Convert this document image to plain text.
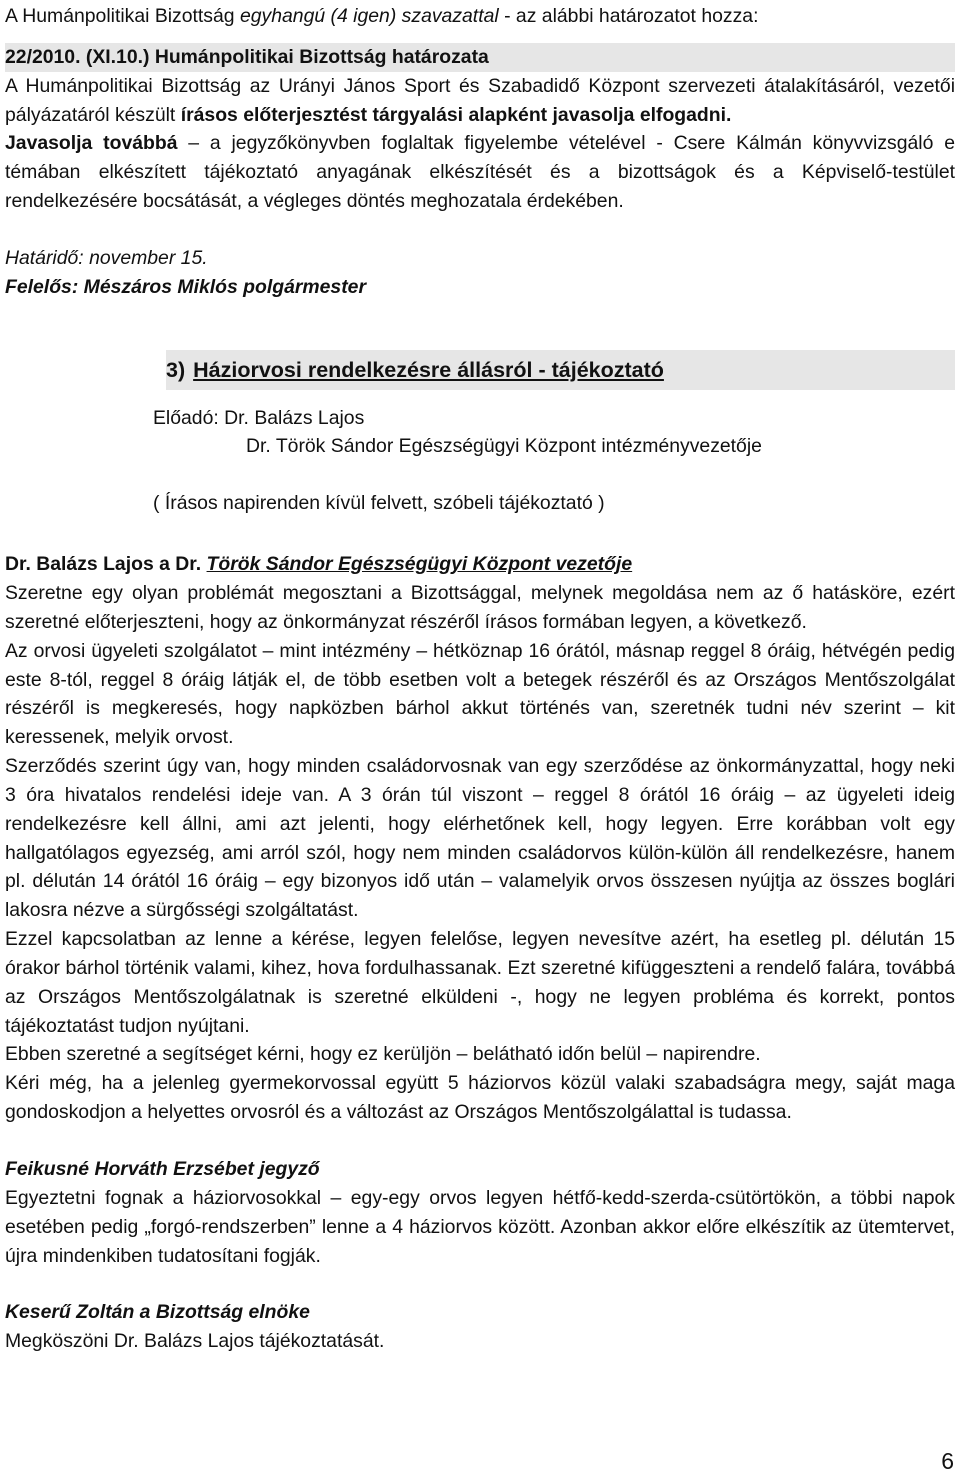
A Humánpolitikai Bizottság egyhangú (4 igen) szavazattal - az alábbi határozatot hozza:

22/2010. (XI.10.) Humánpolitikai Bizottság határozata

A Humánpolitikai Bizottság az Urányi János Sport és Szabadidő Központ szervezeti átalakításáról, vezetői pályázatáról készült írásos előterjesztést tárgyalási alapként javasolja elfogadni.

Javasolja továbbá – a jegyzőkönyvben foglaltak figyelembe vételével - Csere Kálmán könyvvizsgáló e témában elkészített tájékoztató anyagának elkészítését és a bizottságok és a Képviselő-testület rendelkezésére bocsátását, a végleges döntés meghozatala érdekében.

Határidő: november 15.

Felelős: Mészáros Miklós polgármester

3) Háziorvosi rendelkezésre állásról - tájékoztató

Előadó: Dr. Balázs Lajos

Dr. Török Sándor Egészségügyi Központ intézményvezetője

( Írásos napirenden kívül felvett, szóbeli tájékoztató )

Dr. Balázs Lajos a Dr. Török Sándor Egészségügyi Központ vezetője

Szeretne egy olyan problémát megosztani a Bizottsággal, melynek megoldása nem az ő hatásköre, ezért szeretné előterjeszteni, hogy az önkormányzat részéről írásos formában legyen, a következő.

Az orvosi ügyeleti szolgálatot – mint intézmény – hétköznap 16 órától, másnap reggel 8 óráig, hétvégén pedig este 8-tól, reggel 8 óráig látják el, de több esetben volt a betegek részéről és az Országos Mentőszolgálat részéről is megkeresés, hogy napközben bárhol akkut történés van, szeretnék tudni név szerint – kit keressenek, melyik orvost.

Szerződés szerint úgy van, hogy minden családorvosnak van egy szerződése az önkormányzattal, hogy neki 3 óra hivatalos rendelési ideje van. A 3 órán túl viszont – reggel 8 órától 16 óráig – az ügyeleti ideig rendelkezésre kell állni, ami azt jelenti, hogy elérhetőnek kell, hogy legyen. Erre korábban volt egy hallgatólagos egyezség, ami arról szól, hogy nem minden családorvos külön-külön áll rendelkezésre, hanem pl. délután 14 órától 16 óráig – egy bizonyos idő után – valamelyik orvos összesen nyújtja az összes boglári lakosra nézve a sürgősségi szolgáltatást.

Ezzel kapcsolatban az lenne a kérése, legyen felelőse, legyen nevesítve azért, ha esetleg pl. délután 15 órakor bárhol történik valami, kihez, hova fordulhassanak. Ezt szeretné kifüggeszteni a rendelő falára, továbbá az Országos Mentőszolgálatnak is szeretné elküldeni -, hogy ne legyen probléma és korrekt, pontos tájékoztatást tudjon nyújtani.

Ebben szeretné a segítséget kérni, hogy ez kerüljön – belátható időn belül – napirendre.

Kéri még, ha a jelenleg gyermekorvossal együtt 5 háziorvos közül valaki szabadságra megy, saját maga gondoskodjon a helyettes orvosról és a változást az Országos Mentőszolgálattal is tudassa.

Feikusné Horváth Erzsébet jegyző

Egyeztetni fognak a háziorvosokkal – egy-egy orvos legyen hétfő-kedd-szerda-csütörtökön, a többi napok esetében pedig „forgó-rendszerben” lenne a 4 háziorvos között. Azonban akkor előre elkészítik az ütemtervet, újra mindenkiben tudatosítani fogják.

Keserű Zoltán a Bizottság elnöke

Megköszöni Dr. Balázs Lajos tájékoztatását.

6
